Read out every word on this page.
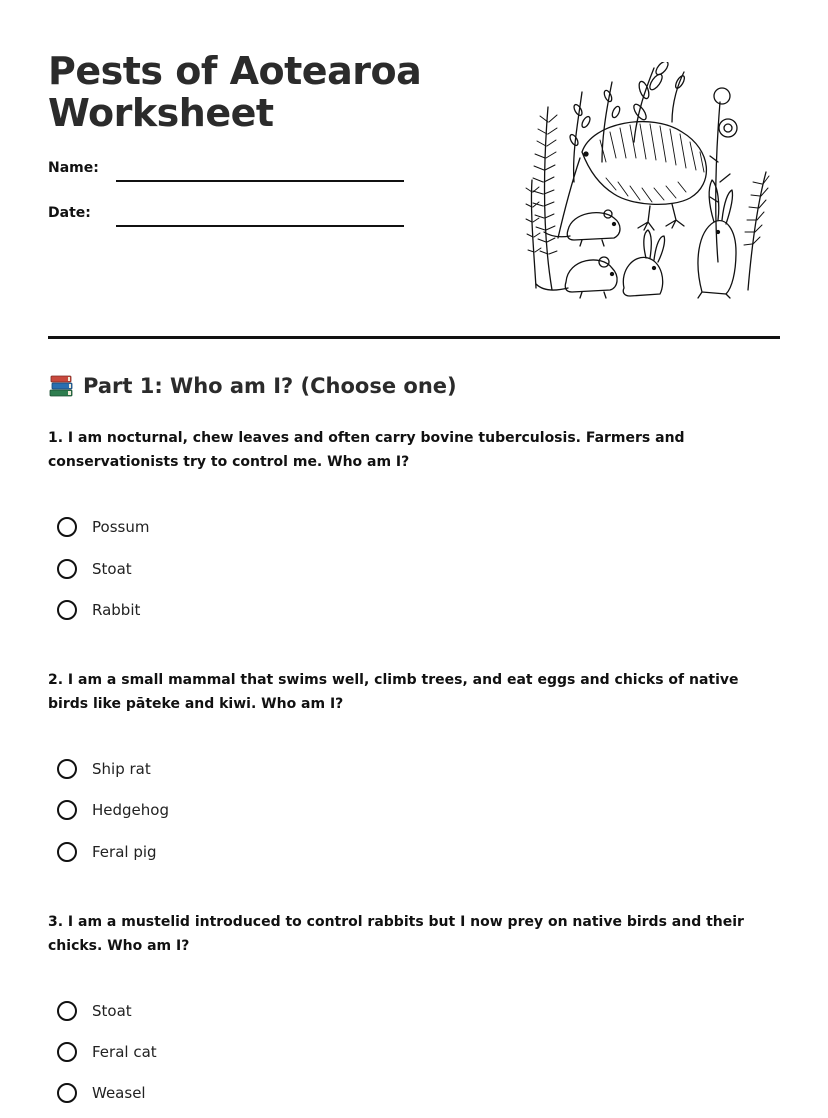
Pests of Aotearoa
Worksheet
Name:
Date:
Part 1: Who am I? (Choose one)

1. I am nocturnal, chew leaves and often carry bovine tuberculosis. Farmers and conservationists try to control me. Who am I?

Possum
Stoat
Rabbit

2. I am a small mammal that swims well, climb trees, and eat eggs and chicks of native birds like pāteke and kiwi. Who am I?

Ship rat
Hedgehog
Feral pig

3. I am a mustelid introduced to control rabbits but I now prey on native birds and their chicks. Who am I?

Stoat
Feral cat
Weasel
